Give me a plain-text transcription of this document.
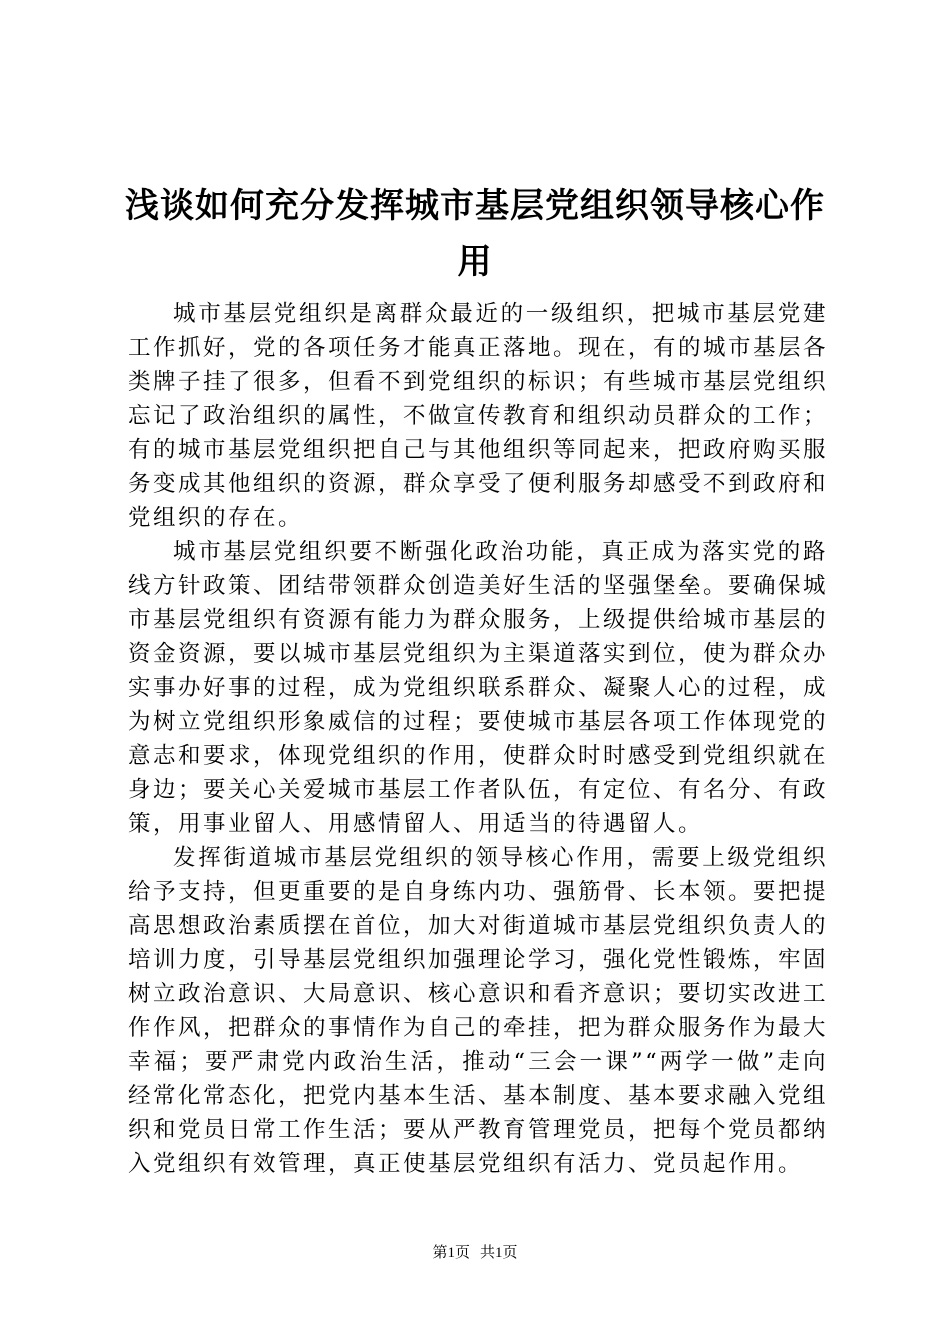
浅谈如何充分发挥城市基层党组织领导核心作用

城市基层党组织是离群众最近的一级组织，把城市基层党建工作抓好，党的各项任务才能真正落地。现在，有的城市基层各类牌子挂了很多，但看不到党组织的标识；有些城市基层党组织忘记了政治组织的属性，不做宣传教育和组织动员群众的工作；有的城市基层党组织把自己与其他组织等同起来，把政府购买服务变成其他组织的资源，群众享受了便利服务却感受不到政府和党组织的存在。

城市基层党组织要不断强化政治功能，真正成为落实党的路线方针政策、团结带领群众创造美好生活的坚强堡垒。要确保城市基层党组织有资源有能力为群众服务，上级提供给城市基层的资金资源，要以城市基层党组织为主渠道落实到位，使为群众办实事办好事的过程，成为党组织联系群众、凝聚人心的过程，成为树立党组织形象威信的过程；要使城市基层各项工作体现党的意志和要求，体现党组织的作用，使群众时时感受到党组织就在身边；要关心关爱城市基层工作者队伍，有定位、有名分、有政策，用事业留人、用感情留人、用适当的待遇留人。

发挥街道城市基层党组织的领导核心作用，需要上级党组织给予支持，但更重要的是自身练内功、强筋骨、长本领。要把提高思想政治素质摆在首位，加大对街道城市基层党组织负责人的培训力度，引导基层党组织加强理论学习，强化党性锻炼，牢固树立政治意识、大局意识、核心意识和看齐意识；要切实改进工作作风，把群众的事情作为自己的牵挂，把为群众服务作为最大幸福；要严肃党内政治生活，推动“三会一课”“两学一做”走向经常化常态化，把党内基本生活、基本制度、基本要求融入党组织和党员日常工作生活；要从严教育管理党员，把每个党员都纳入党组织有效管理，真正使基层党组织有活力、党员起作用。

第1页 共1页
